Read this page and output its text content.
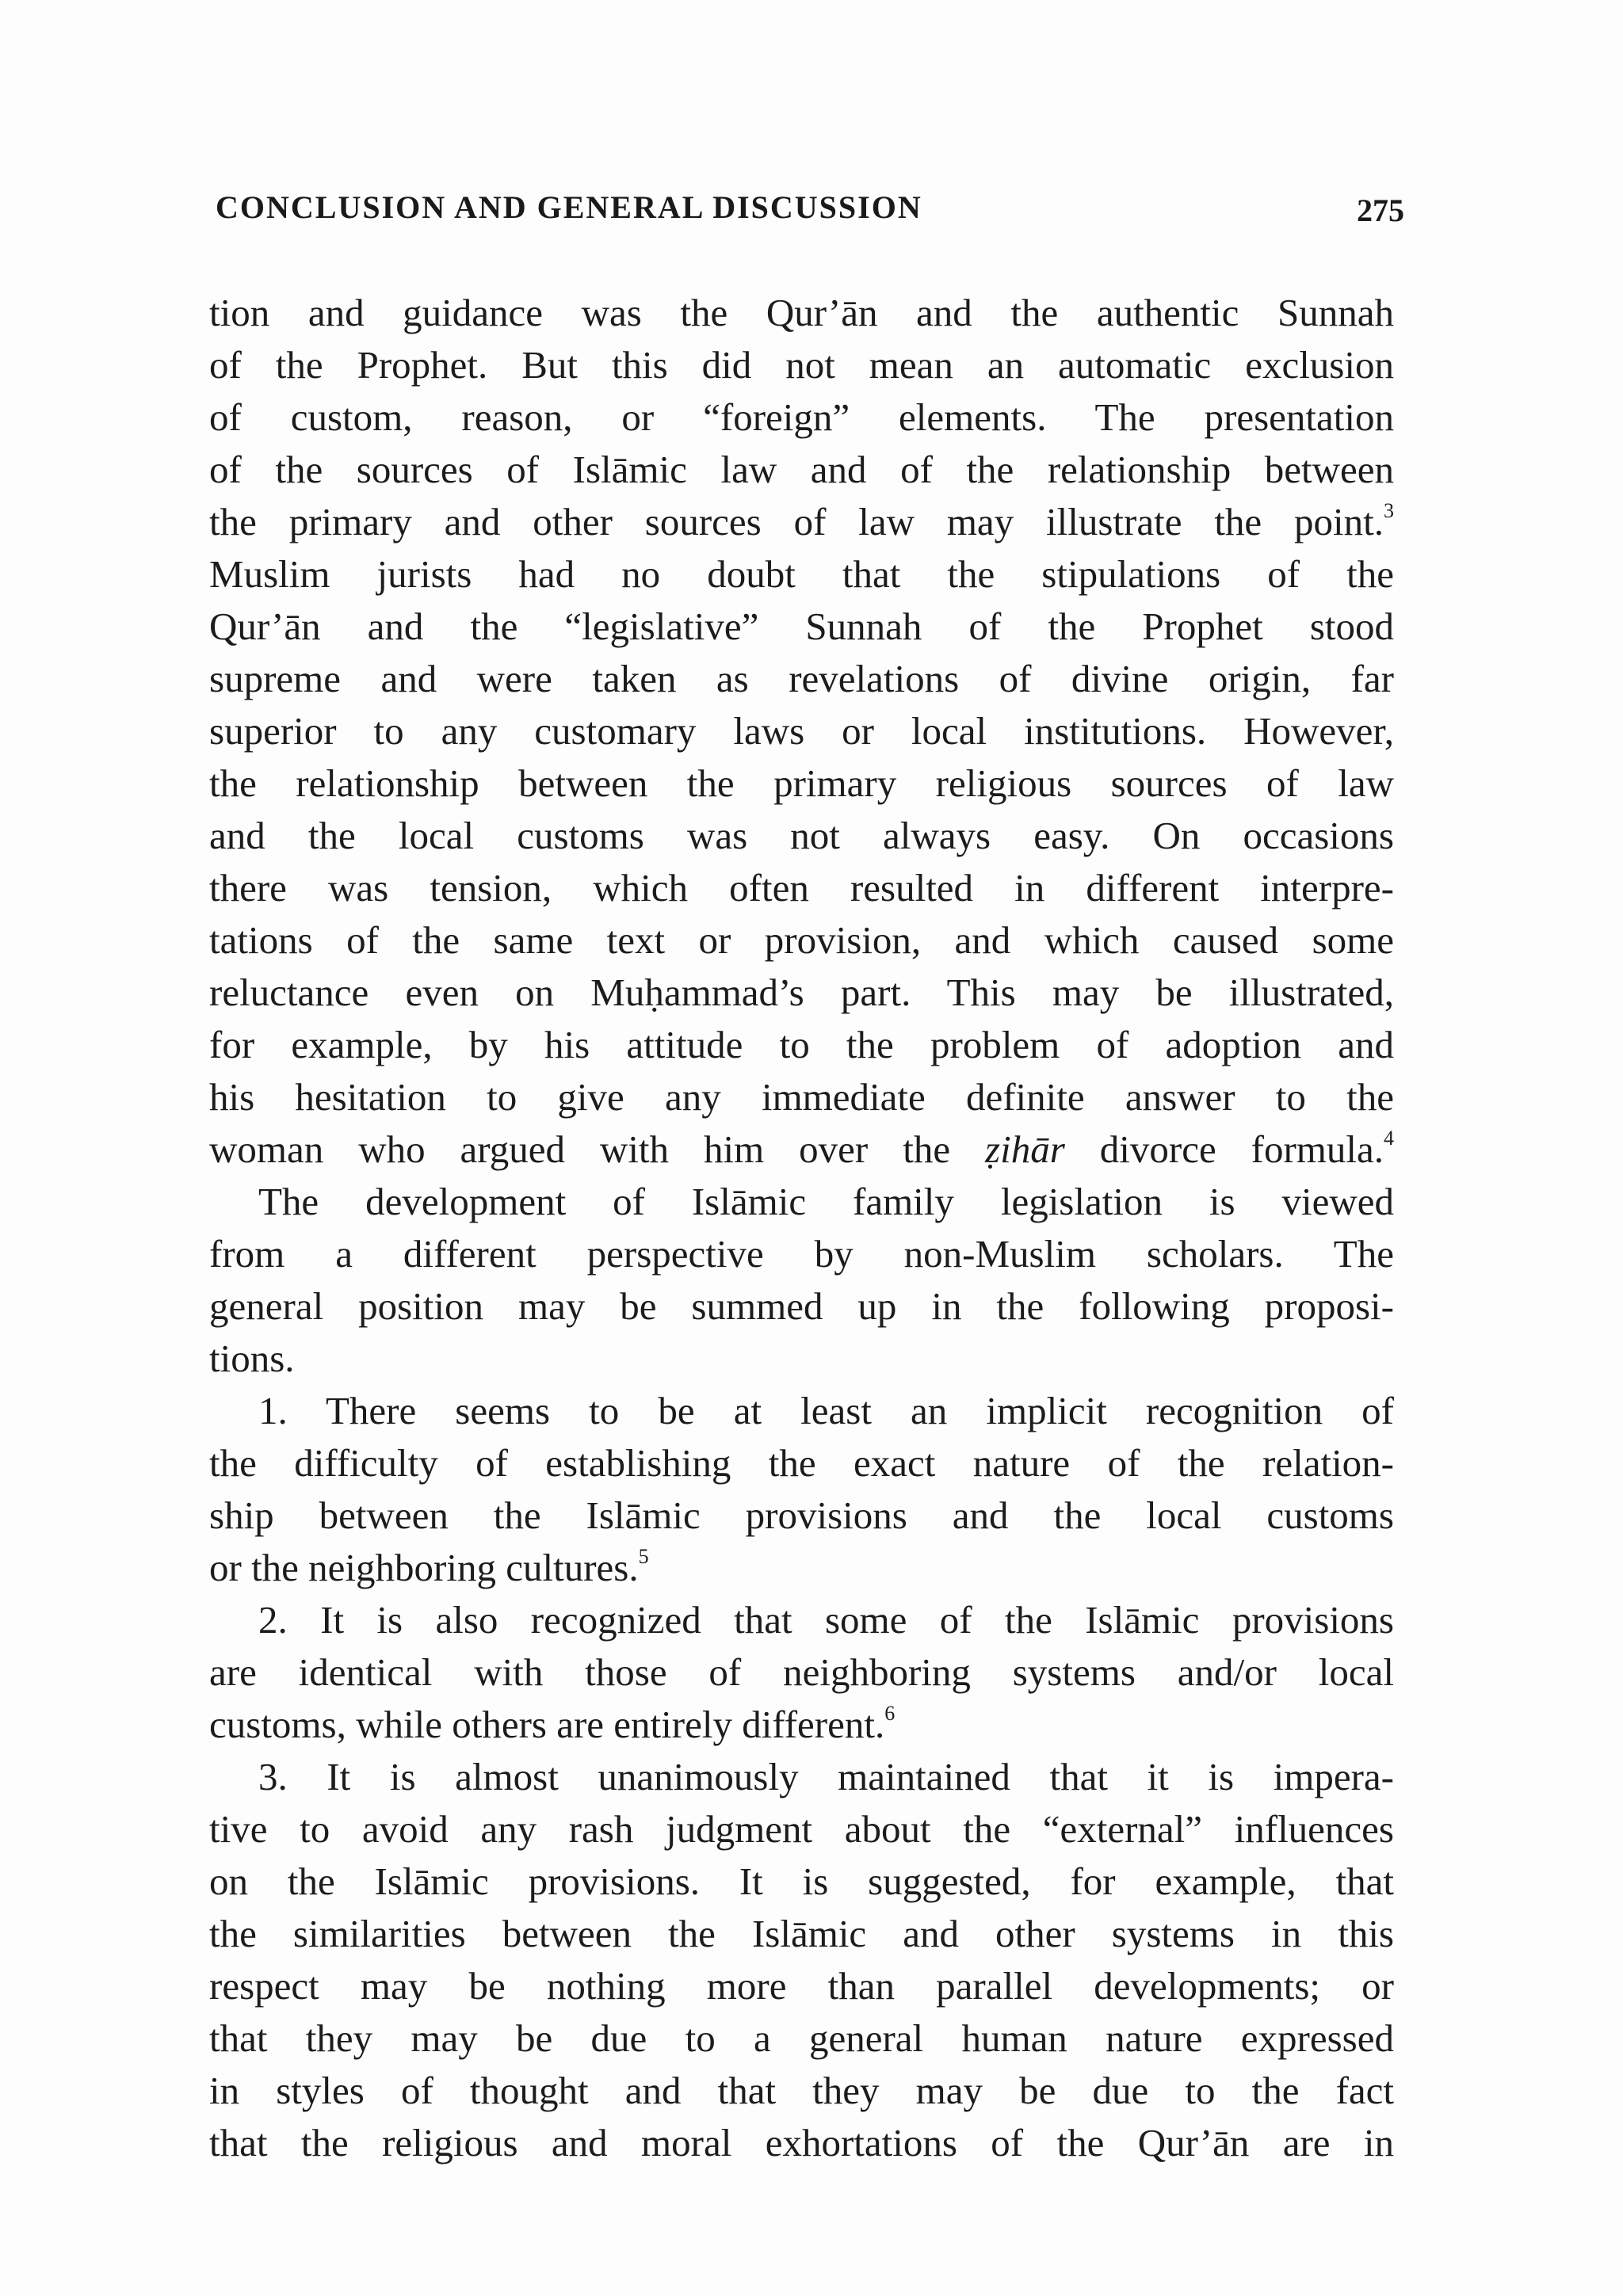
CONCLUSION AND GENERAL DISCUSSION	275
tion and guidance was the Qur’ān and the authentic Sunnah
of the Prophet. But this did not mean an automatic exclusion
of custom, reason, or “foreign” elements. The presentation
of the sources of Islāmic law and of the relationship between
the primary and other sources of law may illustrate the point.$^3$
Muslim jurists had no doubt that the stipulations of the
Qur’ān and the “legislative” Sunnah of the Prophet stood
supreme and were taken as revelations of divine origin, far
superior to any customary laws or local institutions. However,
the relationship between the primary religious sources of law
and the local customs was not always easy. On occasions
there was tension, which often resulted in different interpre-
tations of the same text or provision, and which caused some
reluctance even on Muḥammad’s part. This may be illustrated,
for example, by his attitude to the problem of adoption and
his hesitation to give any immediate definite answer to the
woman who argued with him over the ẓihār divorce formula.$^4$
The development of Islāmic family legislation is viewed
from a different perspective by non-Muslim scholars. The
general position may be summed up in the following proposi-
tions.
1. There seems to be at least an implicit recognition of
the difficulty of establishing the exact nature of the relation-
ship between the Islāmic provisions and the local customs
or the neighboring cultures.$^5$
2. It is also recognized that some of the Islāmic provisions
are identical with those of neighboring systems and/or local
customs, while others are entirely different.$^6$
3. It is almost unanimously maintained that it is impera-
tive to avoid any rash judgment about the “external” influences
on the Islāmic provisions. It is suggested, for example, that
the similarities between the Islāmic and other systems in this
respect may be nothing more than parallel developments; or
that they may be due to a general human nature expressed
in styles of thought and that they may be due to the fact
that the religious and moral exhortations of the Qur’ān are in
